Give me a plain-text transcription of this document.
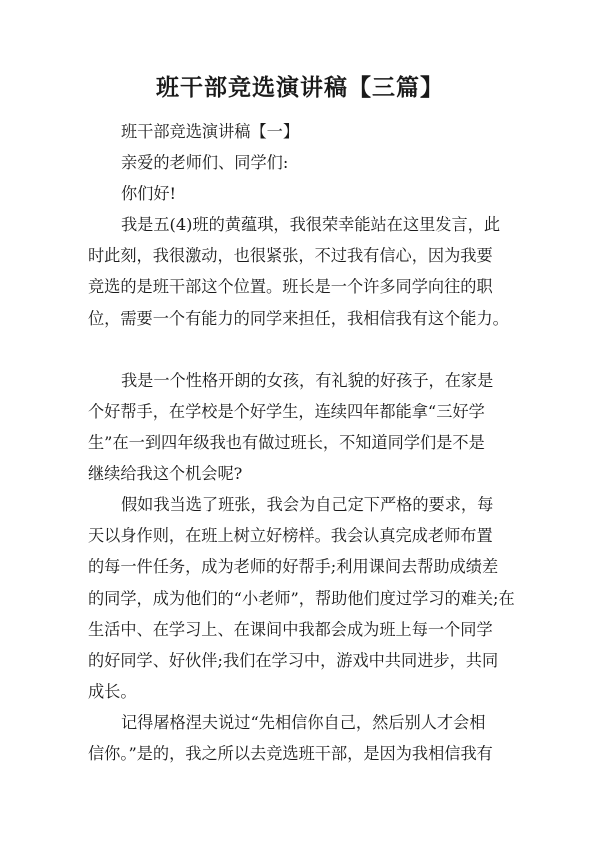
班干部竞选演讲稿【三篇】
班干部竞选演讲稿【一】
亲爱的老师们、同学们:
你们好!
我是五(4)班的黄蕴琪，我很荣幸能站在这里发言，此
时此刻，我很激动，也很紧张，不过我有信心，因为我要
竞选的是班干部这个位置。班长是一个许多同学向往的职
位，需要一个有能力的同学来担任，我相信我有这个能力。
我是一个性格开朗的女孩，有礼貌的好孩子，在家是
个好帮手，在学校是个好学生，连续四年都能拿“三好学
生”在一到四年级我也有做过班长，不知道同学们是不是
继续给我这个机会呢?
假如我当选了班张，我会为自己定下严格的要求，每
天以身作则，在班上树立好榜样。我会认真完成老师布置
的每一件任务，成为老师的好帮手;利用课间去帮助成绩差
的同学，成为他们的“小老师”，帮助他们度过学习的难关;在
生活中、在学习上、在课间中我都会成为班上每一个同学
的好同学、好伙伴;我们在学习中，游戏中共同进步，共同
成长。
记得屠格涅夫说过“先相信你自己，然后别人才会相
信你。”是的，我之所以去竞选班干部，是因为我相信我有
